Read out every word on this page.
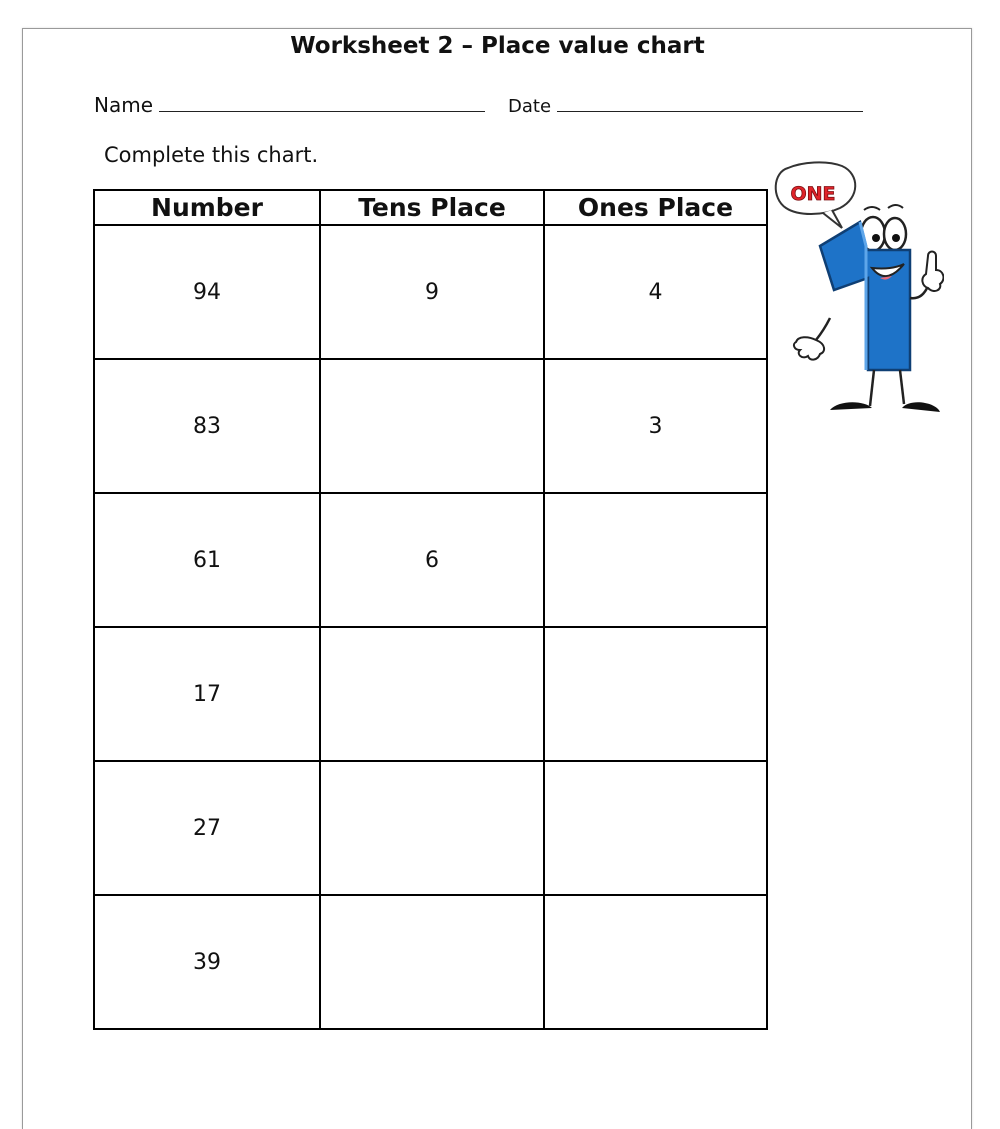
Worksheet 2 – Place value chart
Name	Date
Complete this chart.
Number	Tens Place	Ones Place
94	9	4
83		3
61	6	
17		
27		
39		
ONE
